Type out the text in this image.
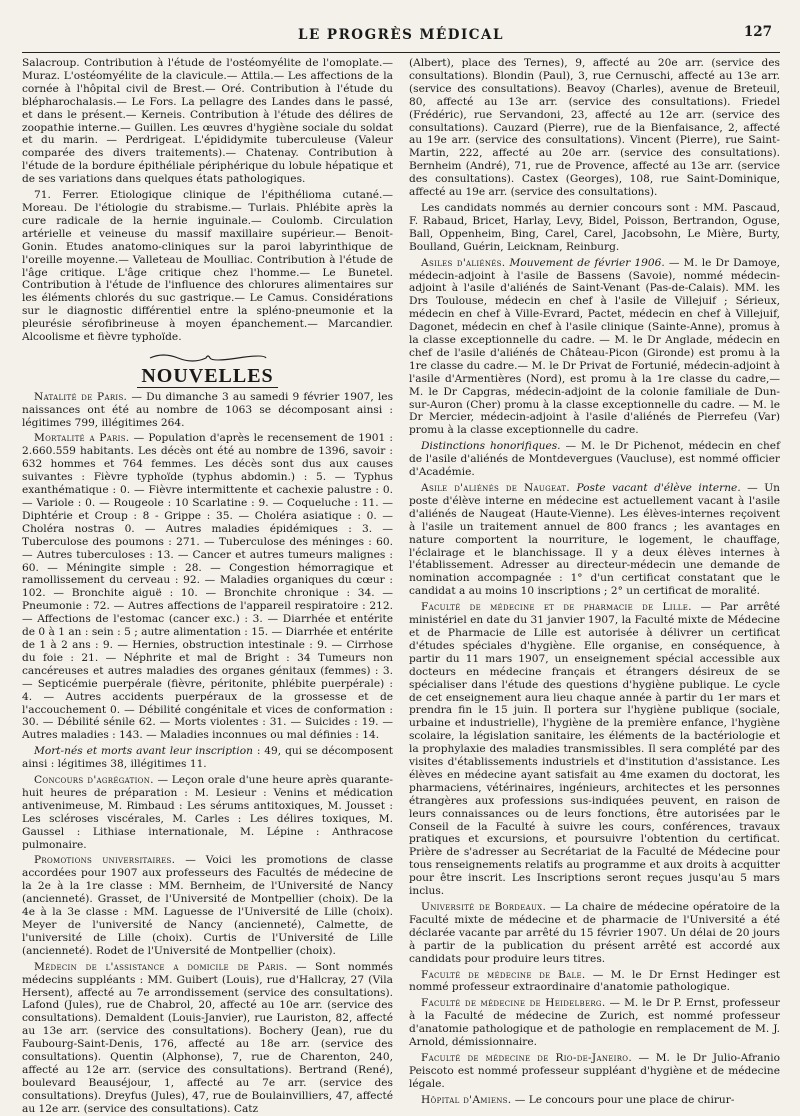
LE PROGRÈS MÉDICAL	127

Salacroup. Contribution à l'étude de l'ostéomyélite de l'omoplate.— Muraz. L'ostéomyélite de la clavicule.— Attila.— Les affections de la cornée à l'hôpital civil de Brest.— Oré. Contribution à l'étude du blépharochalasis.— Le Fors. La pellagre des Landes dans le passé, et dans le présent.— Kerneis. Contribution à l'étude des délires de zoopathie interne.— Guillen. Les œuvres d'hygiène sociale du soldat et du marin. — Perdrigeat. L'épididymite tuberculeuse (Valeur comparée des divers traitements).— Chatenay. Contribution à l'étude de la bordure épithéliale périphérique du lobule hépatique et de ses variations dans quelques états pathologiques.

71. Ferrer. Etiologique clinique de l'épithélioma cutané.— Moreau. De l'étiologie du strabisme.— Turlais. Phlébite après la cure radicale de la hernie inguinale.— Coulomb. Circulation artérielle et veineuse du massif maxillaire supérieur.— Benoit-Gonin. Etudes anatomo-cliniques sur la paroi labyrinthique de l'oreille moyenne.— Valleteau de Moulliac. Contribution à l'étude de l'âge critique. L'âge critique chez l'homme.— Le Bunetel. Contribution à l'étude de l'influence des chlorures alimentaires sur les éléments chlorés du suc gastrique.— Le Camus. Considérations sur le diagnostic différentiel entre la spléno-pneumonie et la pleurésie sérofibrineuse à moyen épanchement.— Marcandier. Alcoolisme et fièvre typhoïde.

NOUVELLES

Natalité de Paris. — Du dimanche 3 au samedi 9 février 1907, les naissances ont été au nombre de 1063 se décomposant ainsi : légitimes 799, illégitimes 264.

Mortalité a Paris. — Population d'après le recensement de 1901 : 2.660.559 habitants. Les décès ont été au nombre de 1396, savoir : 632 hommes et 764 femmes. Les décès sont dus aux causes suivantes : Fièvre typhoïde (typhus abdomin.) : 5. — Typhus exanthématique : 0. — Fièvre intermittente et cachexie palustre : 0. — Variole : 0. — Rougeole : 10 Scarlatine : 9. — Coqueluche : 11. — Diphtérie et Croup : 8 - Grippe : 35. — Choléra asiatique : 0. — Choléra nostras 0. — Autres maladies épidémiques : 3. — Tuberculose des poumons : 271. — Tuberculose des méninges : 60. — Autres tuberculoses : 13. — Cancer et autres tumeurs malignes : 60. — Méningite simple : 28. — Congestion hémorragique et ramollissement du cerveau : 92. — Maladies organiques du cœur : 102. — Bronchite aiguë : 10. — Bronchite chronique : 34. — Pneumonie : 72. — Autres affections de l'appareil respiratoire : 212. — Affections de l'estomac (cancer exc.) : 3. — Diarrhée et entérite de 0 à 1 an : sein : 5 ; autre alimentation : 15. — Diarrhée et entérite de 1 à 2 ans : 9. — Hernies, obstruction intestinale : 9. — Cirrhose du foie : 21. — Néphrite et mal de Bright : 34 Tumeurs non cancéreuses et autres maladies des organes génitaux (femmes) : 3. — Septicémie puerpérale (fièvre, péritonite, phlébite puerpérale) : 4. — Autres accidents puerpéraux de la grossesse et de l'accouchement 0. — Débilité congénitale et vices de conformation : 30. — Débilité sénile 62. — Morts violentes : 31. — Suicides : 19. —Autres maladies : 143. — Maladies inconnues ou mal définies : 14.

Mort-nés et morts avant leur inscription : 49, qui se décomposent ainsi : légitimes 38, illégitimes 11.

Concours d'agrégation. — Leçon orale d'une heure après quarante-huit heures de préparation : M. Lesieur : Venins et médication antivenimeuse, M. Rimbaud : Les sérums antitoxiques, M. Jousset : Les scléroses viscérales, M. Carles : Les délires toxiques, M. Gaussel : Lithiase internationale, M. Lépine : Anthracose pulmonaire.

Promotions universitaires. — Voici les promotions de classe accordées pour 1907 aux professeurs des Facultés de médecine de la 2e à la 1re classe : MM. Bernheim, de l'Université de Nancy (ancienneté). Grasset, de l'Université de Montpellier (choix). De la 4e à la 3e classe : MM. Laguesse de l'Université de Lille (choix). Meyer de l'université de Nancy (ancienneté), Calmette, de l'université de Lille (choix). Curtis de l'Université de Lille (ancienneté). Rodet de l'Université de Montpellier (choix).

Médecin de l'assistance a domicile de Paris. — Sont nommés médecins suppléants : MM. Guibert (Louis), rue d'Hallcray, 27 (Vila Hersent), affecté au 7e arrondissement (service des consultations). Lafond (Jules), rue de Chabrol, 20, affecté au 10e arr. (service des consultations). Demaldent (Louis-Janvier), rue Lauriston, 82, affecté au 13e arr. (service des consultations). Bochery (Jean), rue du Faubourg-Saint-Denis, 176, affecté au 18e arr. (service des consultations). Quentin (Alphonse), 7, rue de Charenton, 240, affecté au 12e arr. (service des consultations). Bertrand (René), boulevard Beauséjour, 1, affecté au 7e arr. (service des consultations). Dreyfus (Jules), 47, rue de Boulainvilliers, 47, affecté au 12e arr. (service des consultations). Catz

(Albert), place des Ternes), 9, affecté au 20e arr. (service des consultations). Blondin (Paul), 3, rue Cernuschi, affecté au 13e arr. (service des consultations). Beavoy (Charles), avenue de Breteuil, 80, affecté au 13e arr. (service des consultations). Friedel (Frédéric), rue Servandoni, 23, affecté au 12e arr. (service des consultations). Cauzard (Pierre), rue de la Bienfaisance, 2, affecté au 19e arr. (service des consultations). Vincent (Pierre), rue Saint-Martin, 222, affecté au 20e arr. (service des consultations). Bernheim (André), 71, rue de Provence, affecté au 13e arr. (service des consultations). Castex (Georges), 108, rue Saint-Dominique, affecté au 19e arr. (service des consultations).

Les candidats nommés au dernier concours sont : MM. Pascaud, F. Rabaud, Bricet, Harlay, Levy, Bidel, Poisson, Bertrandon, Oguse, Ball, Oppenheim, Bing, Carel, Carel, Jacobsohn, Le Mière, Burty, Boulland, Guérin, Leicknam, Reinburg.

Asiles d'aliénés. Mouvement de février 1906. — M. le Dr Damoye, médecin-adjoint à l'asile de Bassens (Savoie), nommé médecin-adjoint à l'asile d'aliénés de Saint-Venant (Pas-de-Calais). MM. les Drs Toulouse, médecin en chef à l'asile de Villejuif ; Sérieux, médecin en chef à Ville-Evrard, Pactet, médecin en chef à Villejuif, Dagonet, médecin en chef à l'asile clinique (Sainte-Anne), promus à la classe exceptionnelle du cadre. — M. le Dr Anglade, médecin en chef de l'asile d'aliénés de Château-Picon (Gironde) est promu à la 1re classe du cadre.— M. le Dr Privat de Fortunié, médecin-adjoint à l'asile d'Armentières (Nord), est promu à la 1re classe du cadre,— M. le Dr Capgras, médecin-adjoint de la colonie familiale de Dun-sur-Auron (Cher) promu à la classe exceptionnelle du cadre. — M. le Dr Mercier, médecin-adjoint à l'asile d'aliénés de Pierrefeu (Var) promu à la classe exceptionnelle du cadre.

Distinctions honorifiques. — M. le Dr Pichenot, médecin en chef de l'asile d'aliénés de Montdevergues (Vaucluse), est nommé officier d'Académie.

Asile d'aliénés de Naugeat. Poste vacant d'élève interne. — Un poste d'élève interne en médecine est actuellement vacant à l'asile d'aliénés de Naugeat (Haute-Vienne). Les élèves-internes reçoivent à l'asile un traitement annuel de 800 francs ; les avantages en nature comportent la nourriture, le logement, le chauffage, l'éclairage et le blanchissage. Il y a deux élèves internes à l'établissement. Adresser au directeur-médecin une demande de nomination accompagnée : 1° d'un certificat constatant que le candidat a au moins 10 inscriptions ; 2° un certificat de moralité.

Faculté de médecine et de pharmacie de Lille. — Par arrêté ministériel en date du 31 janvier 1907, la Faculté mixte de Médecine et de Pharmacie de Lille est autorisée à délivrer un certificat d'études spéciales d'hygiène. Elle organise, en conséquence, à partir du 11 mars 1907, un enseignement spécial accessible aux docteurs en médecine français et étrangers désireux de se spécialiser dans l'étude des questions d'hygiène publique. Le cycle de cet enseignement aura lieu chaque année à partir du 1er mars et prendra fin le 15 juin. Il portera sur l'hygiène publique (sociale, urbaine et industrielle), l'hygiène de la première enfance, l'hygiène scolaire, la législation sanitaire, les éléments de la bactériologie et la prophylaxie des maladies transmissibles. Il sera complété par des visites d'établissements industriels et d'institution d'assistance. Les élèves en médecine ayant satisfait au 4me examen du doctorat, les pharmaciens, vétérinaires, ingénieurs, architectes et les personnes étrangères aux professions sus-indiquées peuvent, en raison de leurs connaissances ou de leurs fonctions, être autorisées par le Conseil de la Faculté à suivre les cours, conférences, travaux pratiques et excursions, et poursuivre l'obtention du certificat. Prière de s'adresser au Secrétariat de la Faculté de Médecine pour tous renseignements relatifs au programme et aux droits à acquitter pour être inscrit. Les Inscriptions seront reçues jusqu'au 5 mars inclus.

Université de Bordeaux. — La chaire de médecine opératoire de la Faculté mixte de médecine et de pharmacie de l'Université a été déclarée vacante par arrêté du 15 février 1907. Un délai de 20 jours à partir de la publication du présent arrêté est accordé aux candidats pour produire leurs titres.

Faculté de médecine de Bale. — M. le Dr Ernst Hedinger est nommé professeur extraordinaire d'anatomie pathologique.

Faculté de médecine de Heidelberg. — M. le Dr P. Ernst, professeur à la Faculté de médecine de Zurich, est nommé professeur d'anatomie pathologique et de pathologie en remplacement de M. J. Arnold, démissionnaire.

Faculté de médecine de Rio-de-Janeiro. — M. le Dr Julio-Afranio Peiscoto est nommé professeur suppléant d'hygiène et de médecine légale.

Hôpital d'Amiens. — Le concours pour une place de chirur-
